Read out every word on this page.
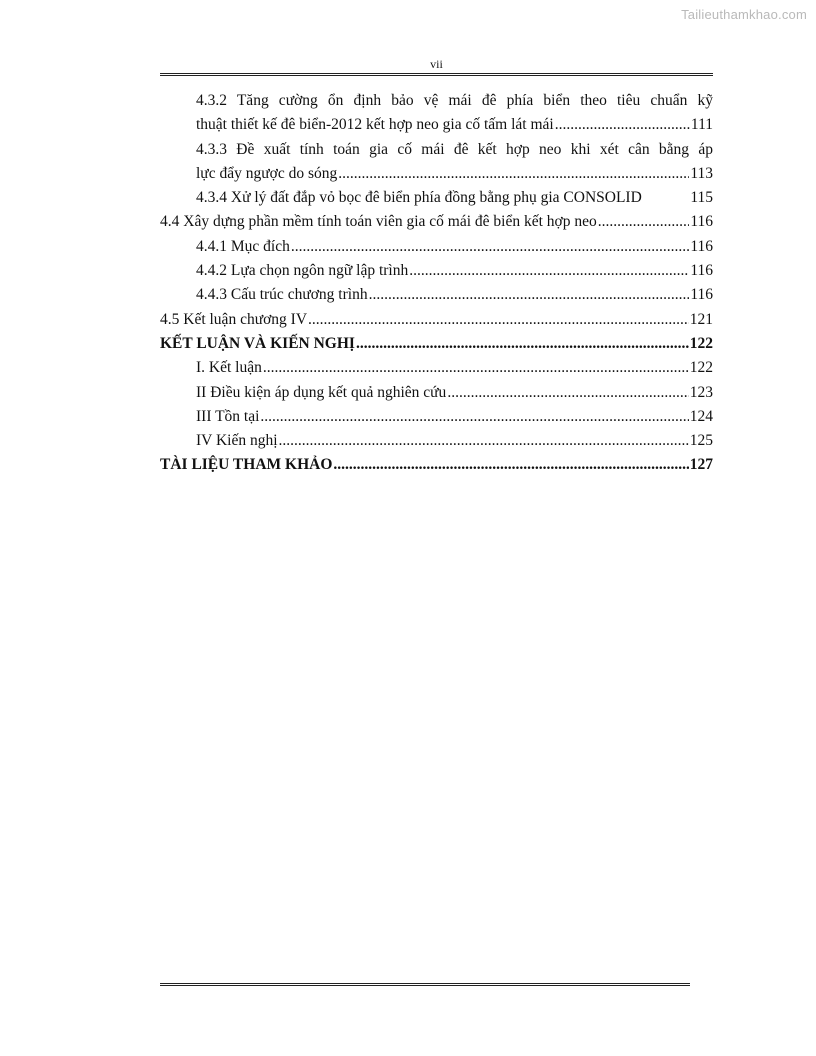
Tailieuthamkhao.com
vii
4.3.2 Tăng cường ổn định bảo vệ mái đê phía biển theo tiêu chuẩn kỹ
thuật thiết kế đê biển-2012 kết hợp neo gia cố tấm lát mái .....	111
4.3.3 Đề xuất tính toán gia cố mái đê kết hợp neo khi xét cân bằng áp
lực đẩy ngược do sóng .....	113
4.3.4 Xử lý đất đắp vỏ bọc đê biển phía đồng bằng phụ gia CONSOLID	115
4.4 Xây dựng phần mềm tính toán viên gia cố mái đê biển kết hợp neo .....	116
4.4.1 Mục đích .....	116
4.4.2 Lựa chọn ngôn ngữ lập trình .....	116
4.4.3 Cấu trúc chương trình .....	116
4.5 Kết luận chương IV .....	121
KẾT LUẬN VÀ KIẾN NGHỊ .....	122
I. Kết luận .....	122
II Điều kiện áp dụng kết quả nghiên cứu .....	123
III Tồn tại .....	124
IV Kiến nghị .....	125
TÀI LIỆU THAM KHẢO .....	127
